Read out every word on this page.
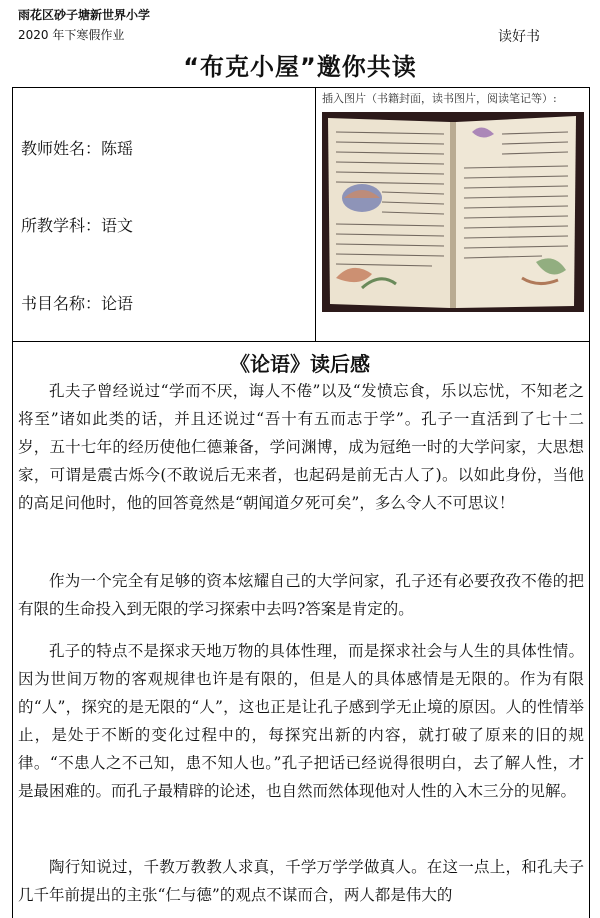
雨花区砂子塘新世界小学
2020 年下寒假作业	读好书
“布克小屋”邀你共读
教师姓名：陈瑶
所教学科：语文
书目名称：论语
插入图片（书籍封面，读书图片，阅读笔记等）:
《论语》读后感

孔夫子曾经说过“学而不厌，诲人不倦”以及“发愤忘食，乐以忘忧，不知老之将至”诸如此类的话，并且还说过“吾十有五而志于学”。孔子一直活到了七十二岁，五十七年的经历使他仁德兼备，学问渊博，成为冠绝一时的大学问家，大思想家，可谓是震古烁今(不敢说后无来者，也起码是前无古人了)。以如此身份，当他的高足问他时，他的回答竟然是“朝闻道夕死可矣”，多么令人不可思议！

作为一个完全有足够的资本炫耀自己的大学问家，孔子还有必要孜孜不倦的把有限的生命投入到无限的学习探索中去吗?答案是肯定的。

孔子的特点不是探求天地万物的具体性理，而是探求社会与人生的具体性情。因为世间万物的客观规律也许是有限的，但是人的具体感情是无限的。作为有限的“人”，探究的是无限的“人”，这也正是让孔子感到学无止境的原因。人的性情举止，是处于不断的变化过程中的，每探究出新的内容，就打破了原来的旧的规律。“不患人之不己知，患不知人也。”孔子把话已经说得很明白，去了解人性，才是最困难的。而孔子最精辟的论述，也自然而然体现他对人性的入木三分的见解。

陶行知说过，千教万教教人求真，千学万学学做真人。在这一点上，和孔夫子几千年前提出的主张“仁与德”的观点不谋而合，两人都是伟大的
